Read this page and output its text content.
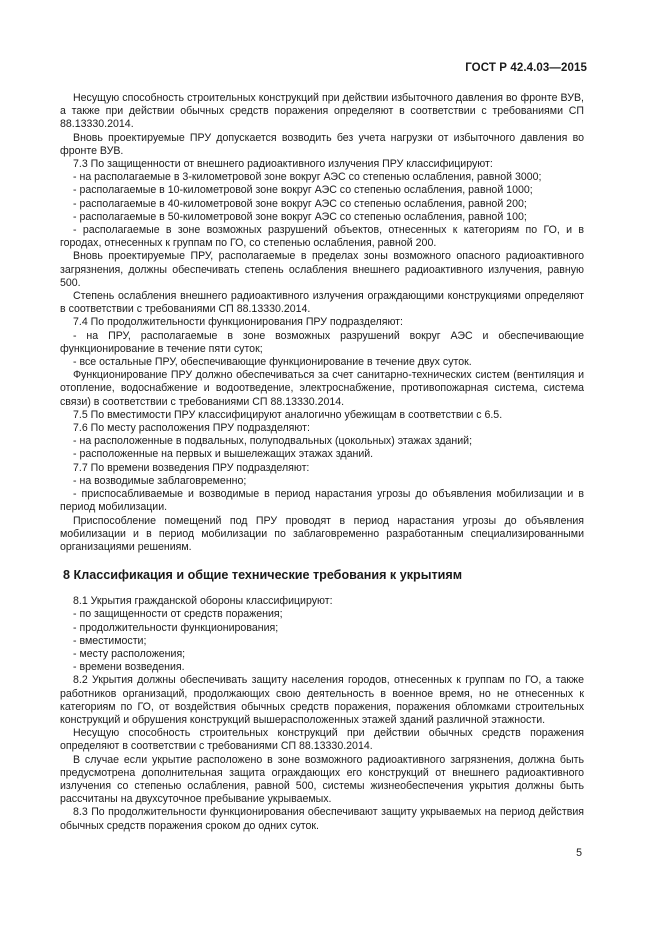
ГОСТ Р 42.4.03—2015

Несущую способность строительных конструкций при действии избыточного давления во фронте ВУВ, а также при действии обычных средств поражения определяют в соответствии с требованиями СП 88.13330.2014.

Вновь проектируемые ПРУ допускается возводить без учета нагрузки от избыточного давления во фронте ВУВ.

7.3 По защищенности от внешнего радиоактивного излучения ПРУ классифицируют:

- на располагаемые в 3-километровой зоне вокруг АЭС со степенью ослабления, равной 3000;

- располагаемые в 10-километровой зоне вокруг АЭС со степенью ослабления, равной 1000;

- располагаемые в 40-километровой зоне вокруг АЭС со степенью ослабления, равной 200;

- располагаемые в 50-километровой зоне вокруг АЭС со степенью ослабления, равной 100;

- располагаемые в зоне возможных разрушений объектов, отнесенных к категориям по ГО, и в городах, отнесенных к группам по ГО, со степенью ослабления, равной 200.

Вновь проектируемые ПРУ, располагаемые в пределах зоны возможного опасного радиоактивного загрязнения, должны обеспечивать степень ослабления внешнего радиоактивного излучения, равную 500.

Степень ослабления внешнего радиоактивного излучения ограждающими конструкциями определяют в соответствии с требованиями СП 88.13330.2014.

7.4 По продолжительности функционирования ПРУ подразделяют:

- на ПРУ, располагаемые в зоне возможных разрушений вокруг АЭС и обеспечивающие функционирование в течение пяти суток;

- все остальные ПРУ, обеспечивающие функционирование в течение двух суток.

Функционирование ПРУ должно обеспечиваться за счет санитарно-технических систем (вентиляция и отопление, водоснабжение и водоотведение, электроснабжение, противопожарная система, система связи) в соответствии с требованиями СП 88.13330.2014.

7.5 По вместимости ПРУ классифицируют аналогично убежищам в соответствии с 6.5.

7.6 По месту расположения ПРУ подразделяют:

- на расположенные в подвальных, полуподвальных (цокольных) этажах зданий;

- расположенные на первых и вышележащих этажах зданий.

7.7 По времени возведения ПРУ подразделяют:

- на возводимые заблаговременно;

- приспосабливаемые и возводимые в период нарастания угрозы до объявления мобилизации и в период мобилизации.

Приспособление помещений под ПРУ проводят в период нарастания угрозы до объявления мобилизации и в период мобилизации по заблаговременно разработанным специализированными организациями решениям.

8 Классификация и общие технические требования к укрытиям

8.1 Укрытия гражданской обороны классифицируют:

- по защищенности от средств поражения;

- продолжительности функционирования;

- вместимости;

- месту расположения;

- времени возведения.

8.2 Укрытия должны обеспечивать защиту населения городов, отнесенных к группам по ГО, а также работников организаций, продолжающих свою деятельность в военное время, но не отнесенных к категориям по ГО, от воздействия обычных средств поражения, поражения обломками строительных конструкций и обрушения конструкций вышерасположенных этажей зданий различной этажности.

Несущую способность строительных конструкций при действии обычных средств поражения определяют в соответствии с требованиями СП 88.13330.2014.

В случае если укрытие расположено в зоне возможного радиоактивного загрязнения, должна быть предусмотрена дополнительная защита ограждающих его конструкций от внешнего радиоактивного излучения со степенью ослабления, равной 500, системы жизнеобеспечения укрытия должны быть рассчитаны на двухсуточное пребывание укрываемых.

8.3 По продолжительности функционирования обеспечивают защиту укрываемых на период действия обычных средств поражения сроком до одних суток.

5
